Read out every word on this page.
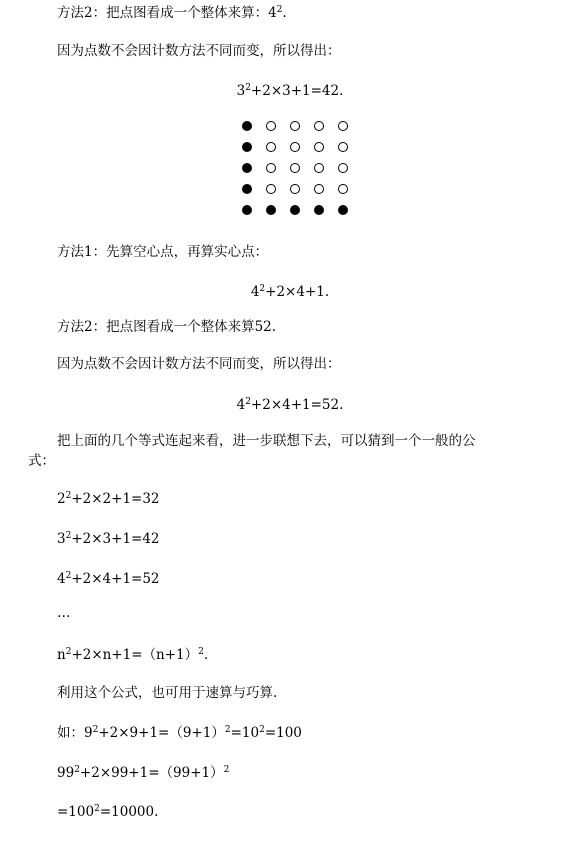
方法2：把点图看成一个整体来算：$4^2$.
因为点数不会因计数方法不同而变，所以得出：
$3^2+2\times 3+1=42$.
方法1：先算空心点，再算实心点：
$4^2+2\times 4+1$.
方法2：把点图看成一个整体来算52.
因为点数不会因计数方法不同而变，所以得出：
$4^2+2\times 4+1=52$.
把上面的几个等式连起来看，进一步联想下去，可以猜到一个一般的公
式：
$2^2+2\times 2+1=32$
$3^2+2\times 3+1=42$
$4^2+2\times 4+1=52$
…
$n^2+2\times n+1=(n+1)^2$.
利用这个公式，也可用于速算与巧算.
如：$9^2+2\times 9+1=(9+1)^2=10^2=100$
$99^2+2\times 99+1=(99+1)^2$
$=100^2=10000$.
